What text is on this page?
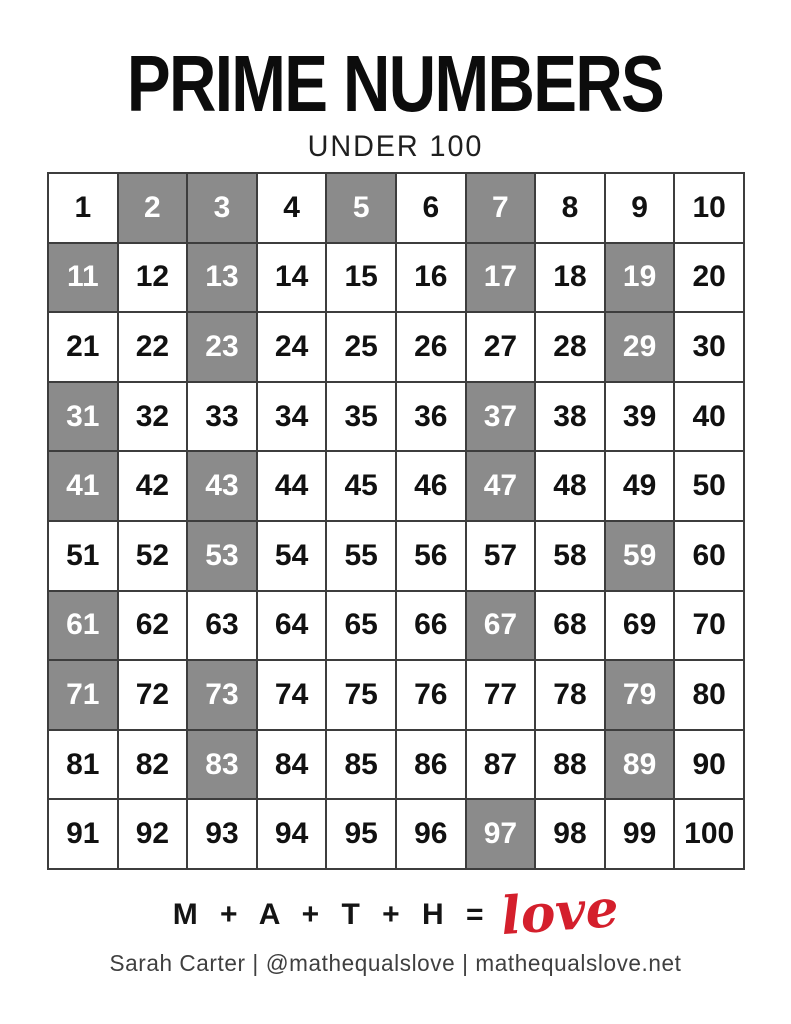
PRIME NUMBERS
UNDER 100
1	2	3	4	5	6	7	8	9	10
11	12	13	14	15	16	17	18	19	20
21	22	23	24	25	26	27	28	29	30
31	32	33	34	35	36	37	38	39	40
41	42	43	44	45	46	47	48	49	50
51	52	53	54	55	56	57	58	59	60
61	62	63	64	65	66	67	68	69	70
71	72	73	74	75	76	77	78	79	80
81	82	83	84	85	86	87	88	89	90
91	92	93	94	95	96	97	98	99 100
M + A + T + H = love
Sarah Carter | @mathequalslove | mathequalslove.net
